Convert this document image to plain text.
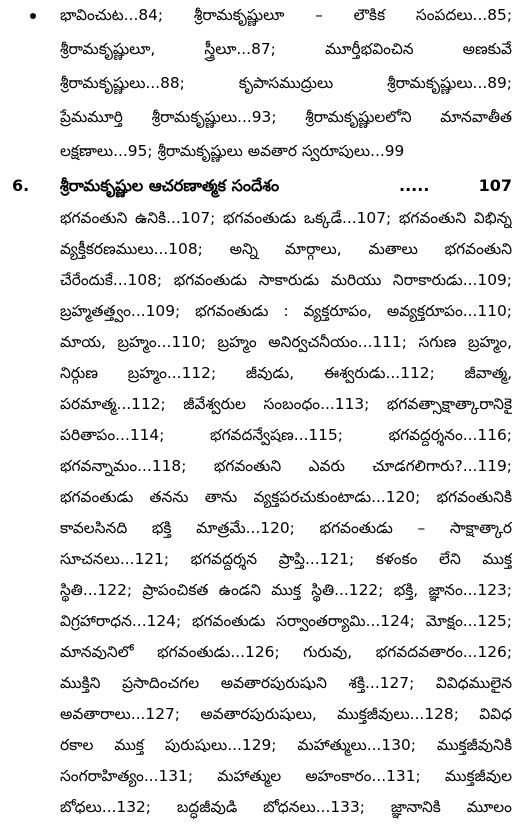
భావించుట...84; శ్రీరామకృష్ణులూ – లౌకిక సంపదలు...85;
శ్రీరామకృష్ణులూ, స్త్రీలూ...87; మూర్తీభవించిన అణకువే
శ్రీరామకృష్ణులు...88; కృపాసముద్రులు శ్రీరామకృష్ణులు...89;
ప్రేమమూర్తి శ్రీరామకృష్ణులు...93; శ్రీరామకృష్ణులలోని మానవాతీత
లక్షణాలు...95; శ్రీరామకృష్ణులు అవతార స్వరూపులు...99
6. శ్రీరామకృష్ణుల ఆచరణాత్మక సందేశం	.....	107
భగవంతుని ఉనికి...107; భగవంతుడు ఒక్కడే...107; భగవంతుని విభిన్న
వ్యక్తీకరణములు...108; అన్ని మార్గాలు, మతాలు భగవంతుని
చేరేందుకే...108; భగవంతుడు సాకారుడు మరియు నిరాకారుడు...109;
బ్రహ్మతత్త్వం...109; భగవంతుడు : వ్యక్తరూపం, అవ్యక్తరూపం...110;
మాయ, బ్రహ్మం...110; బ్రహ్మం అనిర్వచనీయం...111; సగుణ బ్రహ్మం,
నిర్గుణ బ్రహ్మం...112; జీవుడు, ఈశ్వరుడు...112; జీవాత్మ,
పరమాత్మ...112; జీవేశ్వరుల సంబంధం...113; భగవత్సాక్షాత్కారానికై
పరితాపం...114; భగవదన్వేషణ...115; భగవద్దర్శనం...116;
భగవన్నామం...118; భగవంతుని ఎవరు చూడగలిగారు?...119;
భగవంతుడు తనను తాను వ్యక్తపరచుకుంటాడు...120; భగవంతునికి
కావలసినది భక్తి మాత్రమే...120; భగవంతుడు – సాక్షాత్కార
సూచనలు...121; భగవద్దర్శన ప్రాప్తి...121; కళంకం లేని ముక్త
స్థితి...122; ప్రాపంచికత ఉండని ముక్త స్థితి...122; భక్తి, జ్ఞానం...123;
విగ్రహారాధన...124; భగవంతుడు సర్వాంతర్యామి...124; మోక్షం...125;
మానవునిలో భగవంతుడు...126; గురువు, భగవదవతారం...126;
ముక్తిని ప్రసాదించగల అవతారపురుషుని శక్తి...127; వివిధములైన
అవతారాలు...127; అవతారపురుషులు, ముక్తజీవులు...128; వివిధ
రకాల ముక్త పురుషులు...129; మహాత్ములు...130; ముక్తజీవునికి
సంగరాహిత్యం...131; మహాత్ముల అహంకారం...131; ముక్తజీవుల
బోధలు...132; బద్ధజీవుడి బోధనలు...133; జ్ఞానానికి మూలం
